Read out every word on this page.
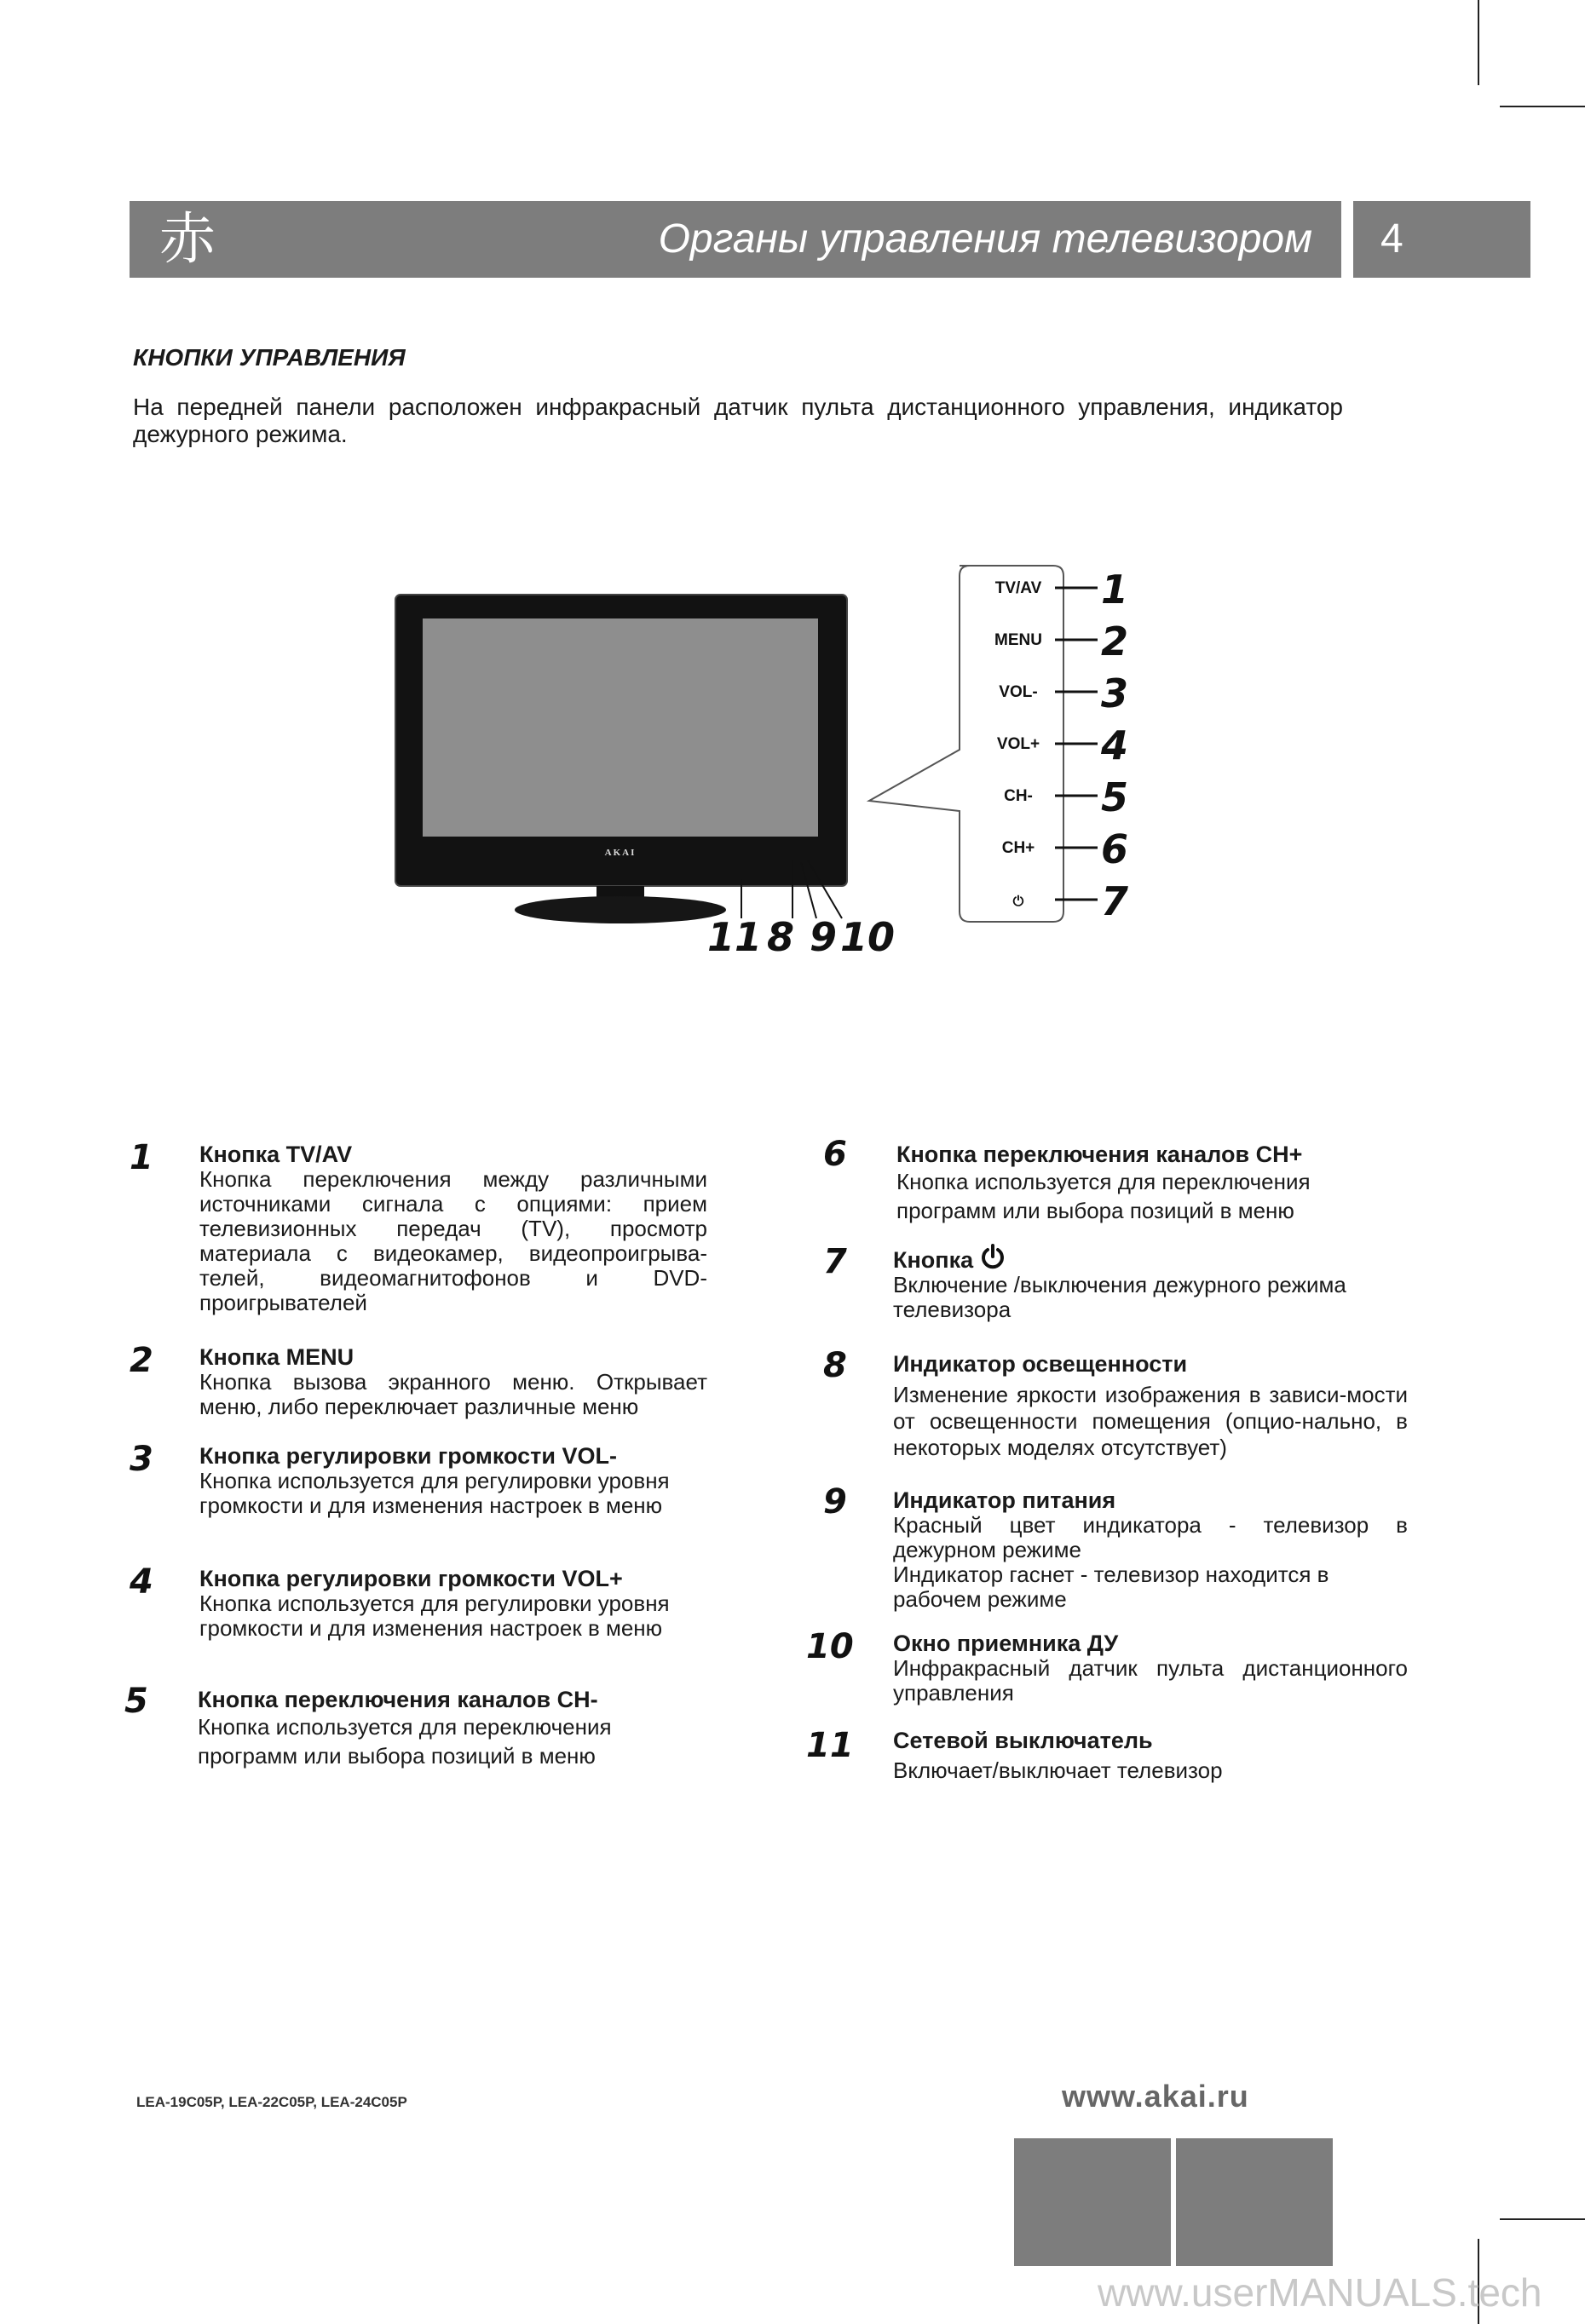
赤	Органы управления телевизором	4
КНОПКИ УПРАВЛЕНИЯ
На передней панели расположен инфракрасный датчик пульта дистанционного управления, индикатор дежурного режима.
AKAI
11 8 9 10
TV/AV 1
MENU 2
VOL- 3
VOL+ 4
CH- 5
CH+ 6
⏻ 7
1 Кнопка TV/AV
Кнопка переключения между различными источниками сигнала с опциями: прием телевизионных передач (TV), просмотр материала с видеокамер, видеопроигрыва-телей, видеомагнитофонов и DVD-проигрывателей
2 Кнопка MENU
Кнопка вызова экранного меню. Открывает меню, либо переключает различные меню
3 Кнопка регулировки громкости VOL-
Кнопка используется для регулировки уровня громкости и для изменения настроек в меню
4 Кнопка регулировки громкости VOL+
Кнопка используется для регулировки уровня громкости и для изменения настроек в меню
5 Кнопка переключения каналов CH-
Кнопка используется для переключения программ или выбора позиций в меню
6 Кнопка переключения каналов CH+
Кнопка используется для переключения программ или выбора позиций в меню
7 Кнопка
Включение /выключения дежурного режима телевизора
8 Индикатор освещенности
Изменение яркости изображения в зависи-мости от освещенности помещения (опцио-нально, в некоторых моделях отсутствует)
9 Индикатор питания
Красный цвет индикатора - телевизор в дежурном режиме
Индикатор гаснет - телевизор находится в рабочем режиме
10 Окно приемника ДУ
Инфракрасный датчик пульта дистанционного управления
11 Сетевой выключатель
Включает/выключает телевизор
LEA-19C05P, LEA-22C05P, LEA-24C05P	www.akai.ru
www.userMANUALS.tech
